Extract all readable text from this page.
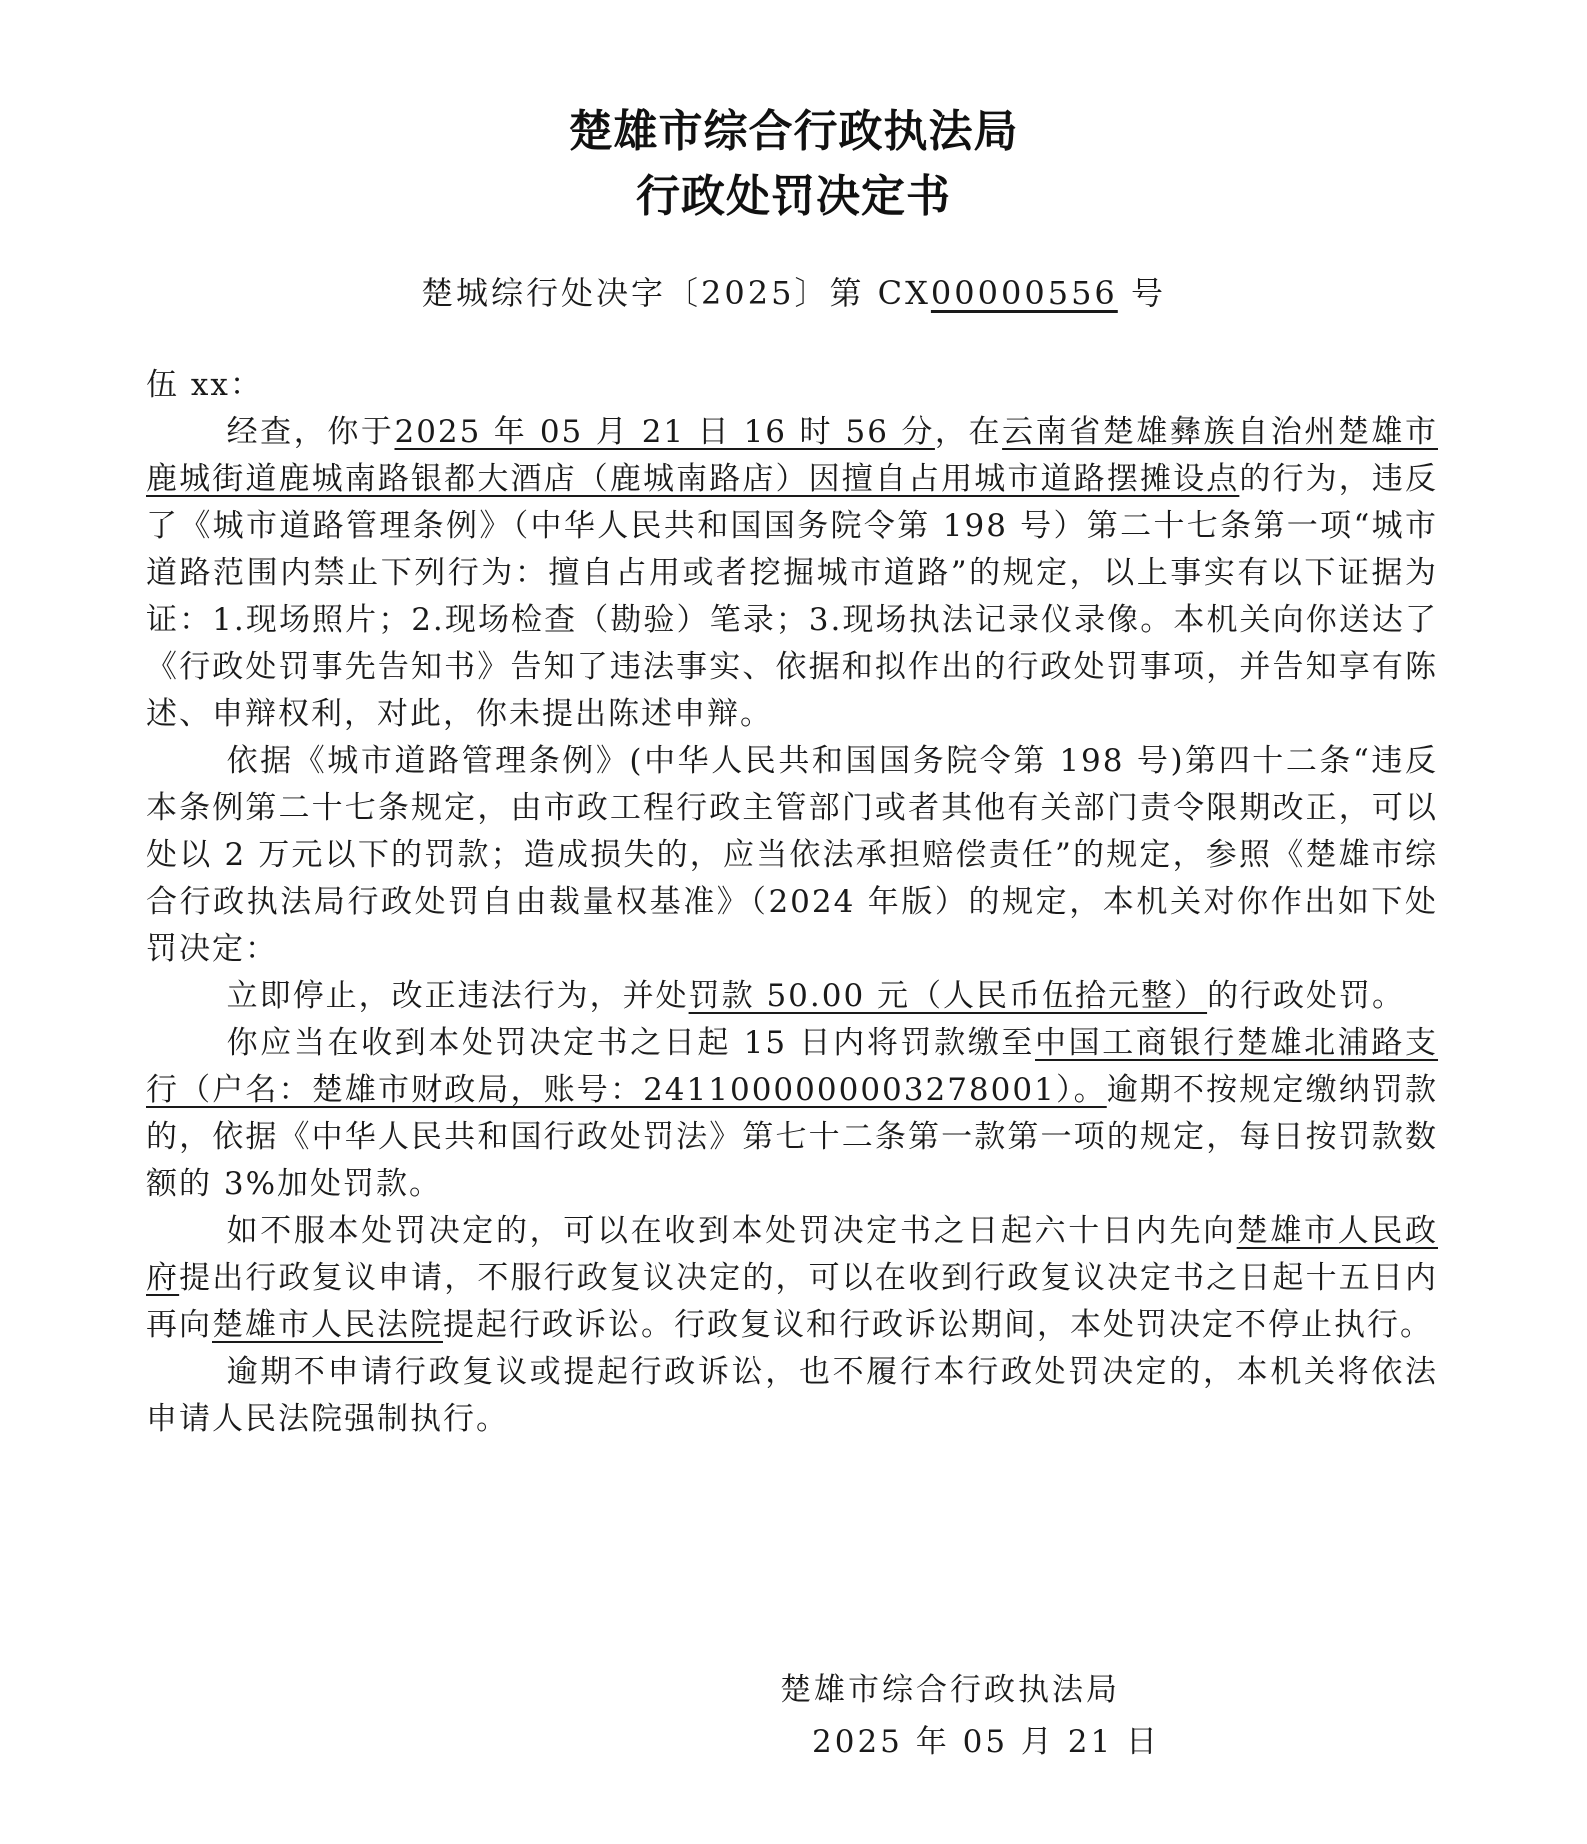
楚雄市综合行政执法局
行政处罚决定书
楚城综行处决字〔2025〕第 CX00000556 号

伍 xx：

经查，你于2025 年 05 月 21 日 16 时 56 分，在云南省楚雄彝族自治州楚雄市鹿城街道鹿城南路银都大酒店（鹿城南路店）因擅自占用城市道路摆摊设点的行为，违反了《城市道路管理条例》（中华人民共和国国务院令第 198 号）第二十七条第一项“城市道路范围内禁止下列行为：擅自占用或者挖掘城市道路”的规定，以上事实有以下证据为证：1.现场照片；2.现场检查（勘验）笔录；3.现场执法记录仪录像。本机关向你送达了《行政处罚事先告知书》告知了违法事实、依据和拟作出的行政处罚事项，并告知享有陈述、申辩权利，对此，你未提出陈述申辩。

依据《城市道路管理条例》(中华人民共和国国务院令第 198 号)第四十二条“违反本条例第二十七条规定，由市政工程行政主管部门或者其他有关部门责令限期改正，可以处以 2 万元以下的罚款；造成损失的，应当依法承担赔偿责任”的规定，参照《楚雄市综合行政执法局行政处罚自由裁量权基准》（2024 年版）的规定，本机关对你作出如下处罚决定：

立即停止，改正违法行为，并处罚款 50.00 元（人民币伍拾元整）的行政处罚。

你应当在收到本处罚决定书之日起 15 日内将罚款缴至中国工商银行楚雄北浦路支行（户名：楚雄市财政局，账号：2411000000003278001）。逾期不按规定缴纳罚款的，依据《中华人民共和国行政处罚法》第七十二条第一款第一项的规定，每日按罚款数额的 3%加处罚款。

如不服本处罚决定的，可以在收到本处罚决定书之日起六十日内先向楚雄市人民政府提出行政复议申请，不服行政复议决定的，可以在收到行政复议决定书之日起十五日内再向楚雄市人民法院提起行政诉讼。行政复议和行政诉讼期间，本处罚决定不停止执行。

逾期不申请行政复议或提起行政诉讼，也不履行本行政处罚决定的，本机关将依法申请人民法院强制执行。

楚雄市综合行政执法局
2025 年 05 月 21 日
